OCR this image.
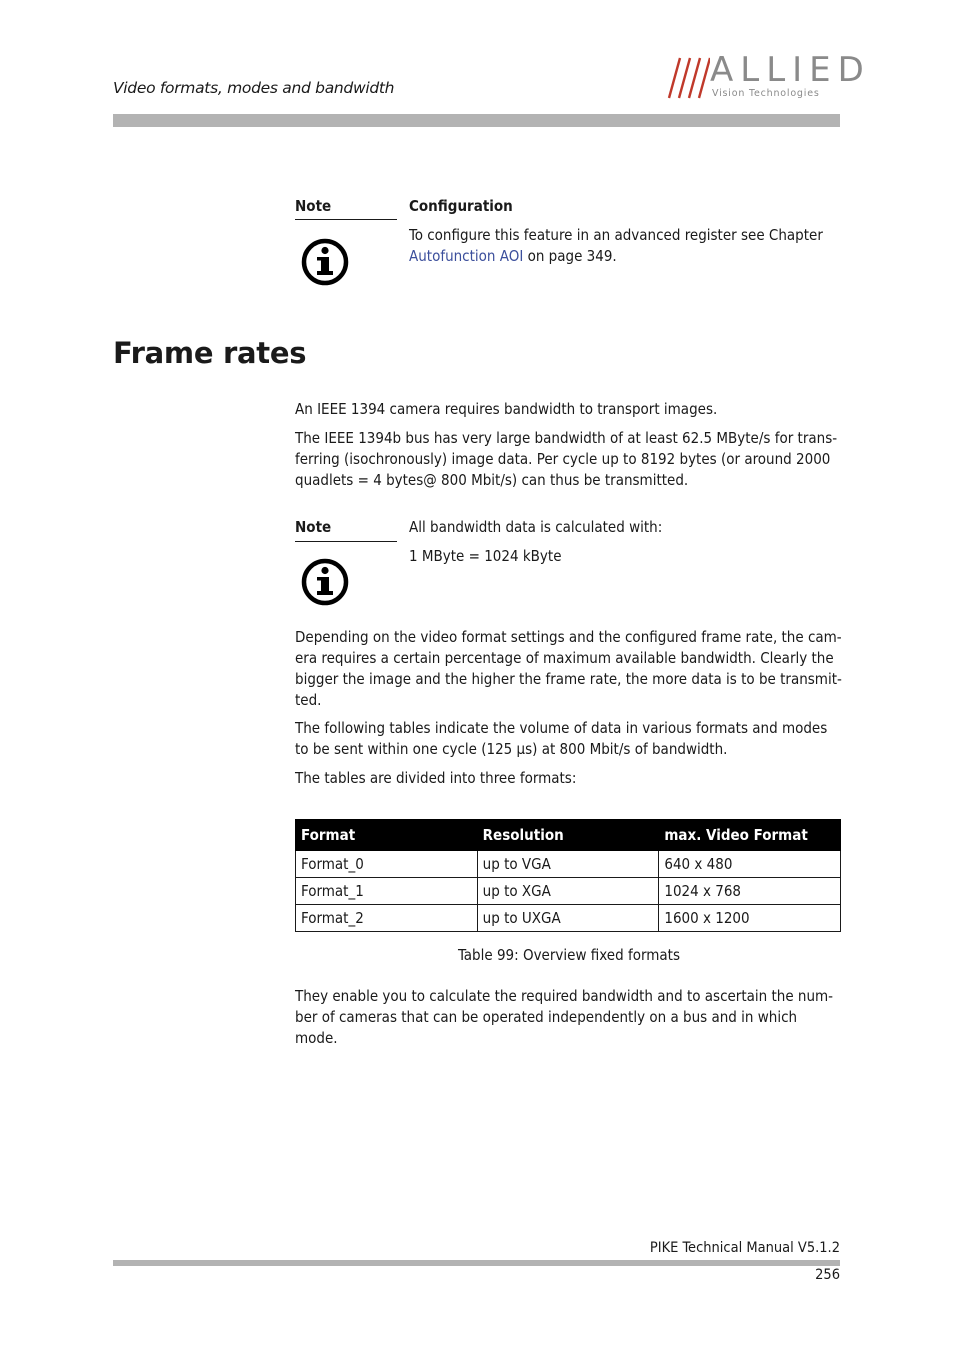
Video formats, modes and bandwidth	ALLIED
Vision Technologies
Note	Configuration
To configure this feature in an advanced register see Chapter
Autofunction AOI on page 349.
Frame rates
An IEEE 1394 camera requires bandwidth to transport images.
The IEEE 1394b bus has very large bandwidth of at least 62.5 MByte/s for trans-
ferring (isochronously) image data. Per cycle up to 8192 bytes (or around 2000
quadlets = 4 bytes@ 800 Mbit/s) can thus be transmitted.
Note	All bandwidth data is calculated with:
1 MByte = 1024 kByte
Depending on the video format settings and the configured frame rate, the cam-
era requires a certain percentage of maximum available bandwidth. Clearly the
bigger the image and the higher the frame rate, the more data is to be transmit-
ted.
The following tables indicate the volume of data in various formats and modes
to be sent within one cycle (125 µs) at 800 Mbit/s of bandwidth.
The tables are divided into three formats:
Format	Resolution	max. Video Format
Format_0	up to VGA	640 x 480
Format_1	up to XGA	1024 x 768
Format_2	up to UXGA	1600 x 1200
Table 99: Overview fixed formats
They enable you to calculate the required bandwidth and to ascertain the num-
ber of cameras that can be operated independently on a bus and in which mode.
PIKE Technical Manual V5.1.2
256
